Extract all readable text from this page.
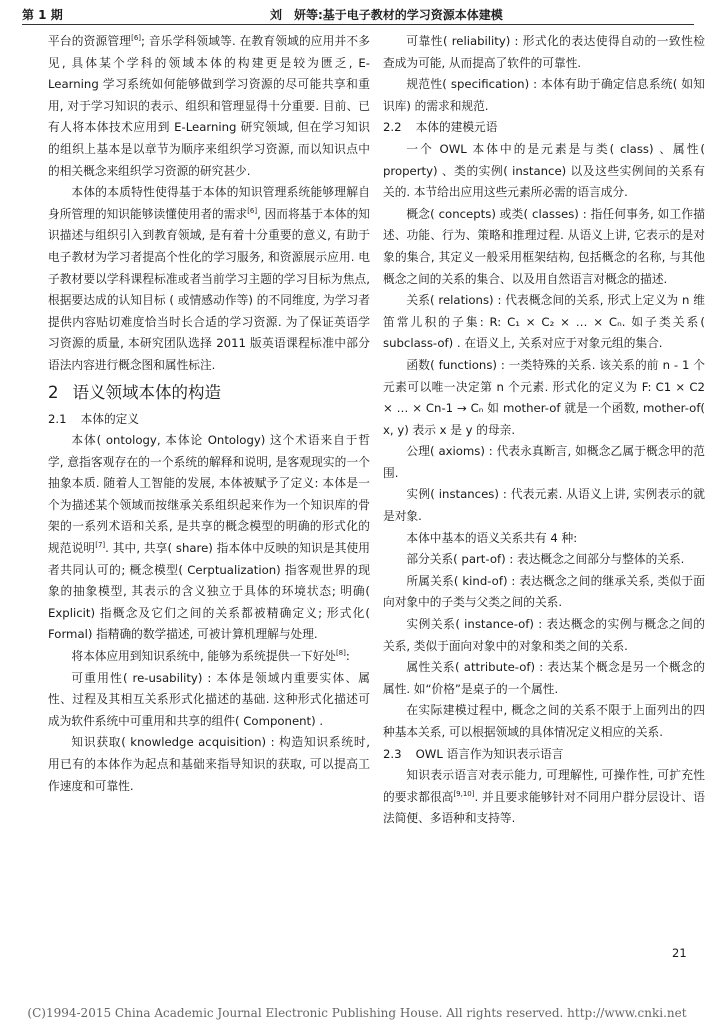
第 1 期	刘　妍等:基于电子教材的学习资源本体建模

平台的资源管理[6]; 音乐学科领域等. 在教育领域的应用并不多见, 具体某个学科的领域本体的构建更是较为匮乏, E-Learning 学习系统如何能够做到学习资源的尽可能共享和重用, 对于学习知识的表示、组织和管理显得十分重要. 目前、已有人将本体技术应用到 E-Learning 研究领域, 但在学习知识的组织上基本是以章节为顺序来组织学习资源, 而以知识点中的相关概念来组织学习资源的研究甚少.

本体的本质特性使得基于本体的知识管理系统能够理解自身所管理的知识能够读懂使用者的需求[6], 因而将基于本体的知识描述与组织引入到教育领域, 是有着十分重要的意义, 有助于电子教材为学习者提高个性化的学习服务, 和资源展示应用. 电子教材要以学科课程标准或者当前学习主题的学习目标为焦点, 根据要达成的认知目标 ( 或情感动作等) 的不同维度, 为学习者提供内容贴切难度恰当时长合适的学习资源. 为了保证英语学习资源的质量, 本研究团队选择 2011 版英语课程标准中部分语法内容进行概念图和属性标注.

2 语义领域本体的构造
2.1 本体的定义

本体( ontology, 本体论 Ontology) 这个术语来自于哲学, 意指客观存在的一个系统的解释和说明, 是客观现实的一个抽象本质. 随着人工智能的发展, 本体被赋予了定义: 本体是一个为描述某个领域而按继承关系组织起来作为一个知识库的骨架的一系列术语和关系, 是共享的概念模型的明确的形式化的规范说明[7]. 其中, 共享( share) 指本体中反映的知识是其使用者共同认可的; 概念模型( Cerptualization) 指客观世界的现象的抽象模型, 其表示的含义独立于具体的环境状态; 明确( Explicit) 指概念及它们之间的关系都被精确定义; 形式化( Formal) 指精确的数学描述, 可被计算机理解与处理.

将本体应用到知识系统中, 能够为系统提供一下好处[8]:

可重用性( re-usability) : 本体是领域内重要实体、属性、过程及其相互关系形式化描述的基础. 这种形式化描述可成为软件系统中可重用和共享的组件( Component) .

知识获取( knowledge acquisition) : 构造知识系统时, 用已有的本体作为起点和基础来指导知识的获取, 可以提高工作速度和可靠性.

可靠性( reliability) : 形式化的表达使得自动的一致性检查成为可能, 从而提高了软件的可靠性.

规范性( specification) : 本体有助于确定信息系统( 如知识库) 的需求和规范.

2.2 本体的建模元语

一个 OWL 本体中的是元素是与类( class) 、属性( property) 、类的实例( instance) 以及这些实例间的关系有关的. 本节给出应用这些元素所必需的语言成分.

概念( concepts) 或类( classes) : 指任何事务, 如工作描述、功能、行为、策略和推理过程. 从语义上讲, 它表示的是对象的集合, 其定义一般采用框架结构, 包括概念的名称, 与其他概念之间的关系的集合、以及用自然语言对概念的描述.

关系( relations) : 代表概念间的关系, 形式上定义为 n 维笛常儿积的子集: R: C₁ × C₂ × … × Cₙ. 如子类关系( subclass-of) . 在语义上, 关系对应于对象元组的集合.

函数( functions) : 一类特殊的关系. 该关系的前 n - 1 个元素可以唯一决定第 n 个元素. 形式化的定义为 F: C1 × C2 × … × Cn-1 → Cₙ 如 mother-of 就是一个函数, mother-of( x, y) 表示 x 是 y 的母亲.

公理( axioms) : 代表永真断言, 如概念乙属于概念甲的范围.

实例( instances) : 代表元素. 从语义上讲, 实例表示的就是对象.

本体中基本的语义关系共有 4 种:

部分关系( part-of) : 表达概念之间部分与整体的关系.

所属关系( kind-of) : 表达概念之间的继承关系, 类似于面向对象中的子类与父类之间的关系.

实例关系( instance-of) : 表达概念的实例与概念之间的关系, 类似于面向对象中的对象和类之间的关系.

属性关系( attribute-of) : 表达某个概念是另一个概念的属性. 如“价格”是桌子的一个属性.

在实际建模过程中, 概念之间的关系不限于上面列出的四种基本关系, 可以根据领域的具体情况定义相应的关系.

2.3 OWL 语言作为知识表示语言

知识表示语言对表示能力, 可理解性, 可操作性, 可扩充性的要求都很高[9,10]. 并且要求能够针对不同用户群分层设计、语法简便、多语种和支持等.

21
(C)1994-2015 China Academic Journal Electronic Publishing House. All rights reserved. http://www.cnki.net
